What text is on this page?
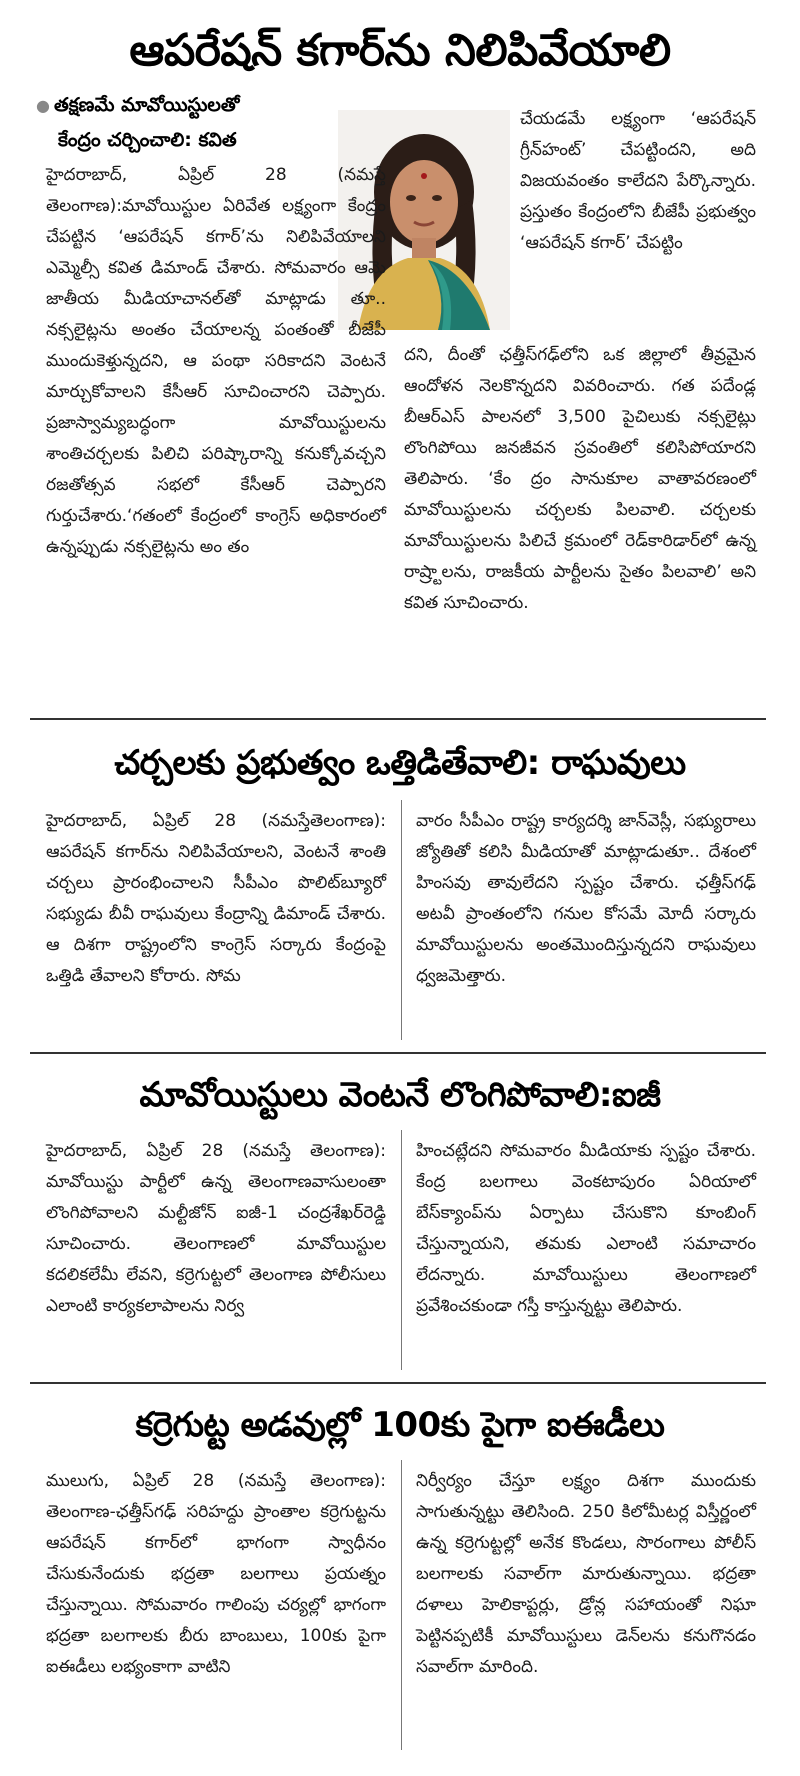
ఆపరేషన్ కగార్‌ను నిలిపివేయాలి
● తక్షణమే మావోయిస్టులతో
కేంద్రం చర్చించాలి: కవిత

హైదరాబాద్, ఏప్రిల్ 28 (నమస్తే తెలంగాణ):మావోయిస్టుల ఏరివేత లక్ష్యంగా కేంద్రం చేపట్టిన ‘ఆపరేషన్ కగార్’ను నిలిపివేయాలని ఎమ్మెల్సీ కవిత డిమాండ్ చేశారు. సోమవారం ఆమె జాతీయ మీడియాచానల్‌తో మాట్లాడు తూ.. నక్సలైట్లను అంతం చేయాలన్న పంతంతో బీజేపీ ముందుకెళ్తున్నదని, ఆ పంథా సరికాదని వెంటనే మార్చుకోవాలని కేసీఆర్ సూచించారని చెప్పారు. ప్రజాస్వామ్యబద్ధంగా మావోయిస్టులను శాంతిచర్చలకు పిలిచి పరిష్కారాన్ని కనుక్కోవచ్చని రజతోత్సవ సభలో కేసీఆర్ చెప్పారని గుర్తుచేశారు.‘గతంలో కేంద్రంలో కాంగ్రెస్ అధికారంలో ఉన్నప్పుడు నక్సలైట్లను అం తం

చేయడమే లక్ష్యంగా ‘ఆపరేషన్ గ్రీన్‌హంట్’ చేపట్టిందని, అది విజయవంతం కాలేదని పేర్కొన్నారు. ప్రస్తుతం కేంద్రంలోని బీజేపీ ప్రభుత్వం ‘ఆపరేషన్ కగార్’ చేపట్టిం

దని, దీంతో ఛత్తీస్‌గఢ్‌లోని ఒక జిల్లాలో తీవ్రమైన ఆందోళన నెలకొన్నదని వివరించారు. గత పదేండ్ల బీఆర్‌ఎస్ పాలనలో 3,500 పైచిలుకు నక్సలైట్లు లొంగిపోయి జనజీవన స్రవంతిలో కలిసిపోయారని తెలిపారు. ‘కేం ద్రం సానుకూల వాతావరణంలో మావోయిస్టులను చర్చలకు పిలవాలి. చర్చలకు మావోయిస్టులను పిలిచే క్రమంలో రెడ్‌కారిడార్‌లో ఉన్న రాష్ర్టాలను, రాజకీయ పార్టీలను సైతం పిలవాలి’ అని కవిత సూచించారు.

చర్చలకు ప్రభుత్వం ఒత్తిడితేవాలి: రాఘవులు

హైదరాబాద్, ఏప్రిల్ 28 (నమస్తేతెలంగాణ): ఆపరేషన్ కగార్‌ను నిలిపివేయాలని, వెంటనే శాంతి చర్చలు ప్రారంభించాలని సీపీఎం పొలిట్‌బ్యూరో సభ్యుడు బీవీ రాఘవులు కేంద్రాన్ని డిమాండ్ చేశారు. ఆ దిశగా రాష్ట్రంలోని కాంగ్రెస్ సర్కారు కేంద్రంపై ఒత్తిడి తేవాలని కోరారు. సోమ

వారం సీపీఎం రాష్ట్ర కార్యదర్శి జాన్‌వెస్లీ, సభ్యురాలు జ్యోతితో కలిసి మీడియాతో మాట్లాడుతూ.. దేశంలో హింసవు తావులేదని స్పష్టం చేశారు. ఛత్తీస్‌గఢ్ అటవీ ప్రాంతంలోని గనుల కోసమే మోదీ సర్కారు మావోయిస్టులను అంతమొందిస్తున్నదని రాఘవులు ధ్వజమెత్తారు.

మావోయిస్టులు వెంటనే లొంగిపోవాలి:ఐజీ

హైదరాబాద్, ఏప్రిల్ 28 (నమస్తే తెలంగాణ): మావోయిస్టు పార్టీలో ఉన్న తెలంగాణవాసులంతా లొంగిపోవాలని మల్టీజోన్ ఐజీ-1 చంద్రశేఖర్‌రెడ్డి సూచించారు. తెలంగాణలో మావోయిస్టుల కదలికలేమీ లేవని, కర్రెగుట్టలో తెలంగాణ పోలీసులు ఎలాంటి కార్యకలాపాలను నిర్వ

హించట్లేదని సోమవారం మీడియాకు స్పష్టం చేశారు. కేంద్ర బలగాలు వెంకటాపురం ఏరియాలో బేస్‌క్యాంప్‌ను ఏర్పాటు చేసుకొని కూంబింగ్ చేస్తున్నాయని, తమకు ఎలాంటి సమాచారం లేదన్నారు. మావోయిస్టులు తెలంగాణలో ప్రవేశించకుండా గస్తీ కాస్తున్నట్టు తెలిపారు.

కర్రెగుట్ట అడవుల్లో 100కు పైగా ఐఈడీలు

ములుగు, ఏప్రిల్ 28 (నమస్తే తెలంగాణ): తెలంగాణ-ఛత్తీస్‌గఢ్ సరిహద్దు ప్రాంతాల కర్రెగుట్టను ఆపరేషన్ కగార్‌లో భాగంగా స్వాధీనం చేసుకునేందుకు భద్రతా బలగాలు ప్రయత్నం చేస్తున్నాయి. సోమవారం గాలింపు చర్యల్లో భాగంగా భద్రతా బలగాలకు బీరు బాంబులు, 100కు పైగా ఐఈడీలు లభ్యంకాగా వాటిని

నిర్వీర్యం చేస్తూ లక్ష్యం దిశగా ముందుకు సాగుతున్నట్టు తెలిసింది. 250 కిలోమీటర్ల విస్తీర్ణంలో ఉన్న కర్రెగుట్టల్లో అనేక కొండలు, సొరంగాలు పోలీస్ బలగాలకు సవాల్‌గా మారుతున్నాయి. భద్రతా దళాలు హెలికాప్టర్లు, డ్రోన్ల సహాయంతో నిఘా పెట్టినప్పటికీ మావోయిస్టులు డెన్‌లను కనుగొనడం సవాల్‌గా మారింది.
